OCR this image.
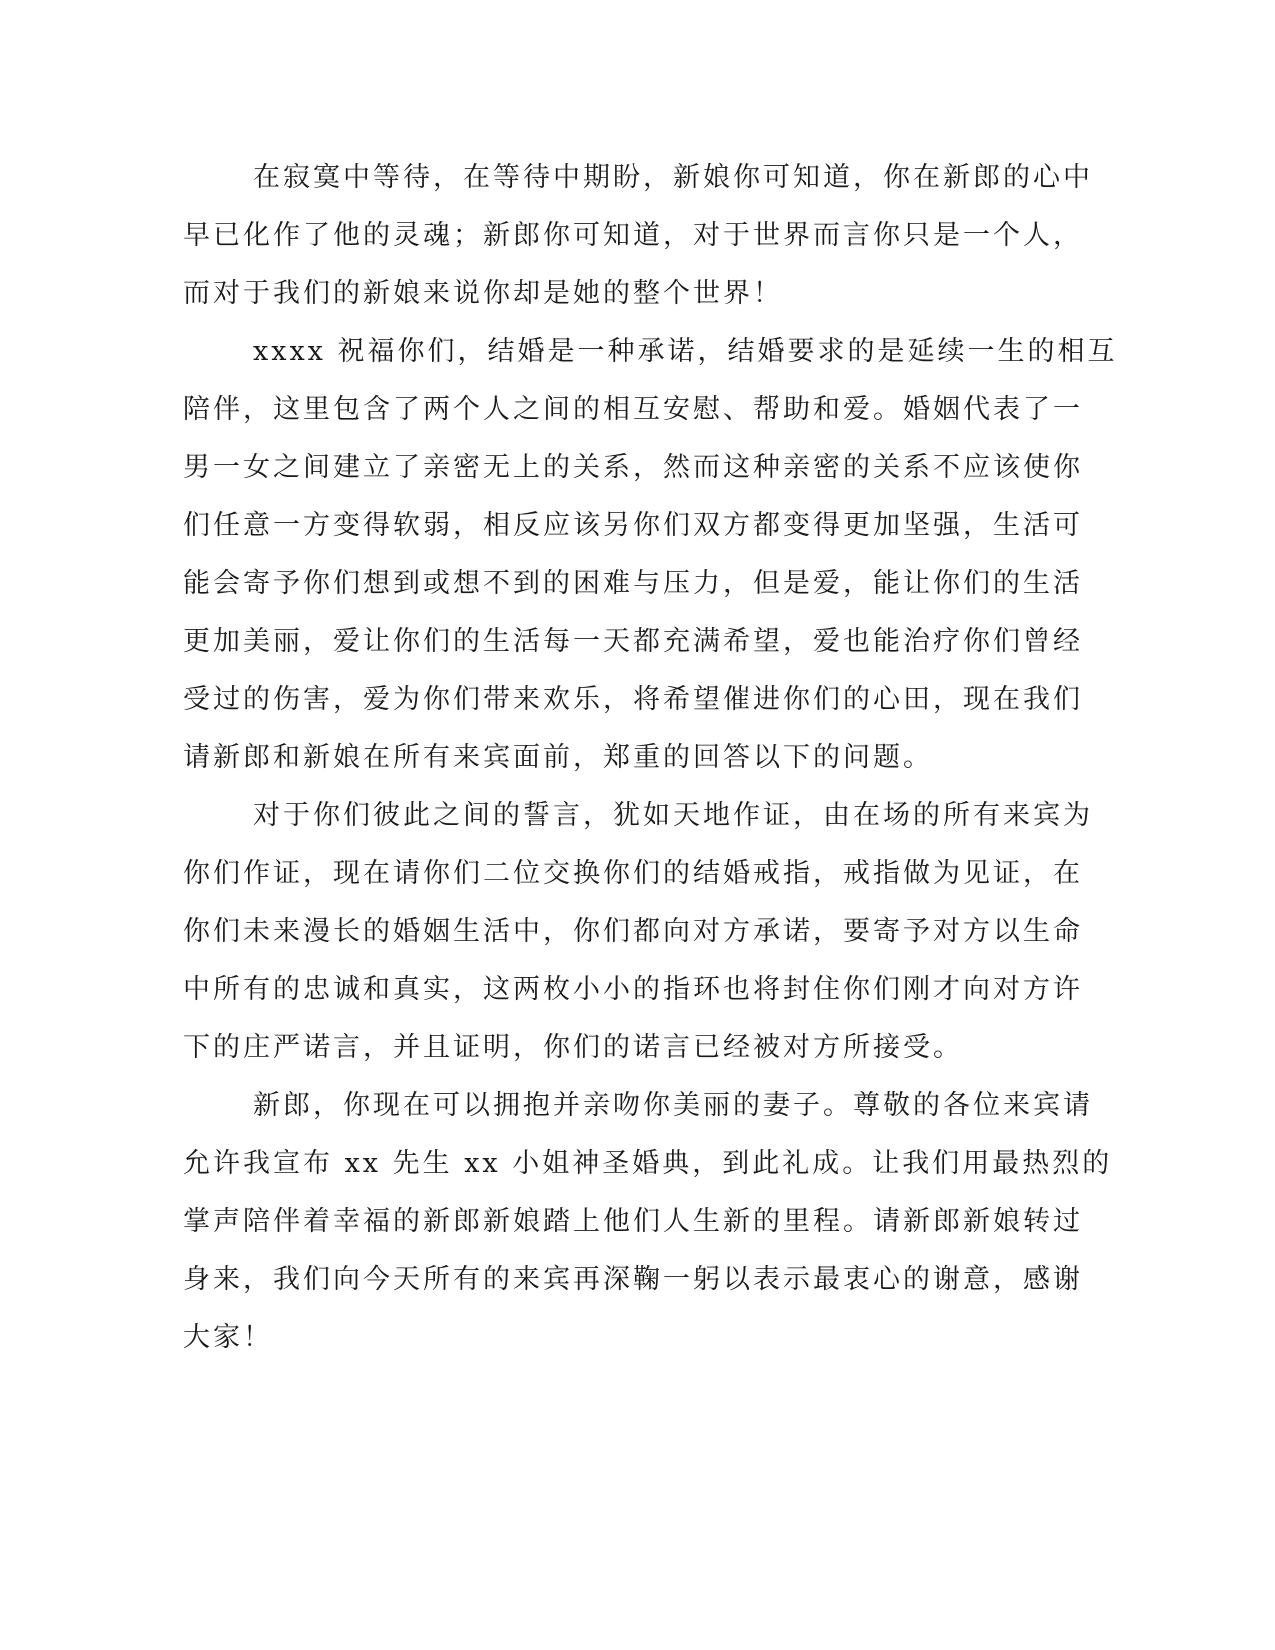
在寂寞中等待，在等待中期盼，新娘你可知道，你在新郎的心中
早已化作了他的灵魂；新郎你可知道，对于世界而言你只是一个人，
而对于我们的新娘来说你却是她的整个世界！
xxxx 祝福你们，结婚是一种承诺，结婚要求的是延续一生的相互
陪伴，这里包含了两个人之间的相互安慰、帮助和爱。婚姻代表了一
男一女之间建立了亲密无上的关系，然而这种亲密的关系不应该使你
们任意一方变得软弱，相反应该另你们双方都变得更加坚强，生活可
能会寄予你们想到或想不到的困难与压力，但是爱，能让你们的生活
更加美丽，爱让你们的生活每一天都充满希望，爱也能治疗你们曾经
受过的伤害，爱为你们带来欢乐，将希望催进你们的心田，现在我们
请新郎和新娘在所有来宾面前，郑重的回答以下的问题。
对于你们彼此之间的誓言，犹如天地作证，由在场的所有来宾为
你们作证，现在请你们二位交换你们的结婚戒指，戒指做为见证，在
你们未来漫长的婚姻生活中，你们都向对方承诺，要寄予对方以生命
中所有的忠诚和真实，这两枚小小的指环也将封住你们刚才向对方许
下的庄严诺言，并且证明，你们的诺言已经被对方所接受。
新郎，你现在可以拥抱并亲吻你美丽的妻子。尊敬的各位来宾请
允许我宣布 xx 先生 xx 小姐神圣婚典，到此礼成。让我们用最热烈的
掌声陪伴着幸福的新郎新娘踏上他们人生新的里程。请新郎新娘转过
身来，我们向今天所有的来宾再深鞠一躬以表示最衷心的谢意，感谢
大家！
